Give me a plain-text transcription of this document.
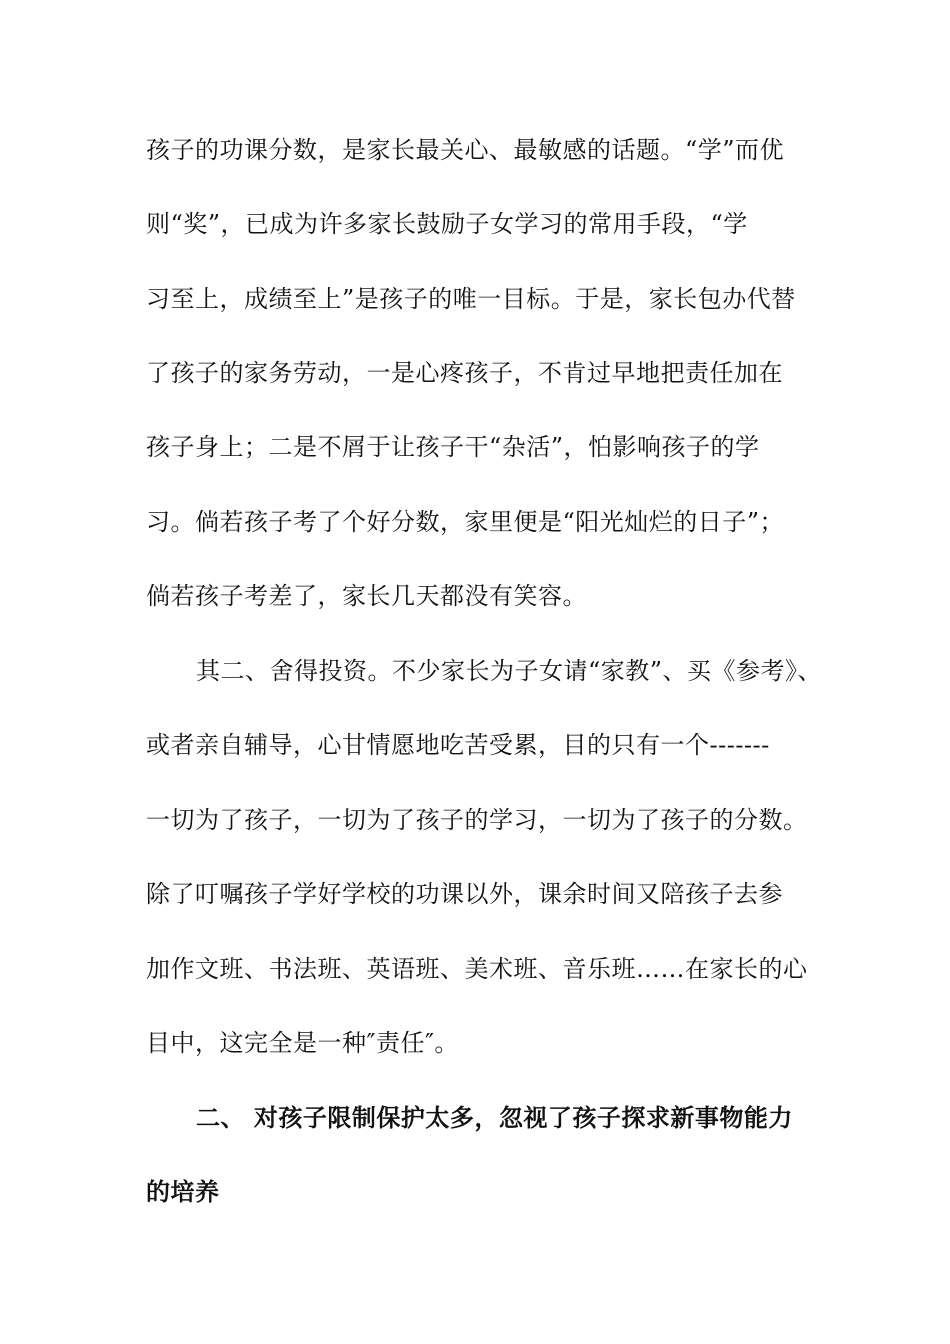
孩子的功课分数，是家长最关心、最敏感的话题。“学”而优
则“奖”，已成为许多家长鼓励子女学习的常用手段，“学
习至上，成绩至上”是孩子的唯一目标。于是，家长包办代替
了孩子的家务劳动，一是心疼孩子，不肯过早地把责任加在
孩子身上；二是不屑于让孩子干“杂活”，怕影响孩子的学
习。倘若孩子考了个好分数，家里便是“阳光灿烂的日子”；
倘若孩子考差了，家长几天都没有笑容。
其二、舍得投资。不少家长为子女请“家教”、买《参考》、
或者亲自辅导，心甘情愿地吃苦受累，目的只有一个-------
一切为了孩子，一切为了孩子的学习，一切为了孩子的分数。
除了叮嘱孩子学好学校的功课以外，课余时间又陪孩子去参
加作文班、书法班、英语班、美术班、音乐班……在家长的心
目中，这完全是一种″责任″。
二、 对孩子限制保护太多，忽视了孩子探求新事物能力
的培养
